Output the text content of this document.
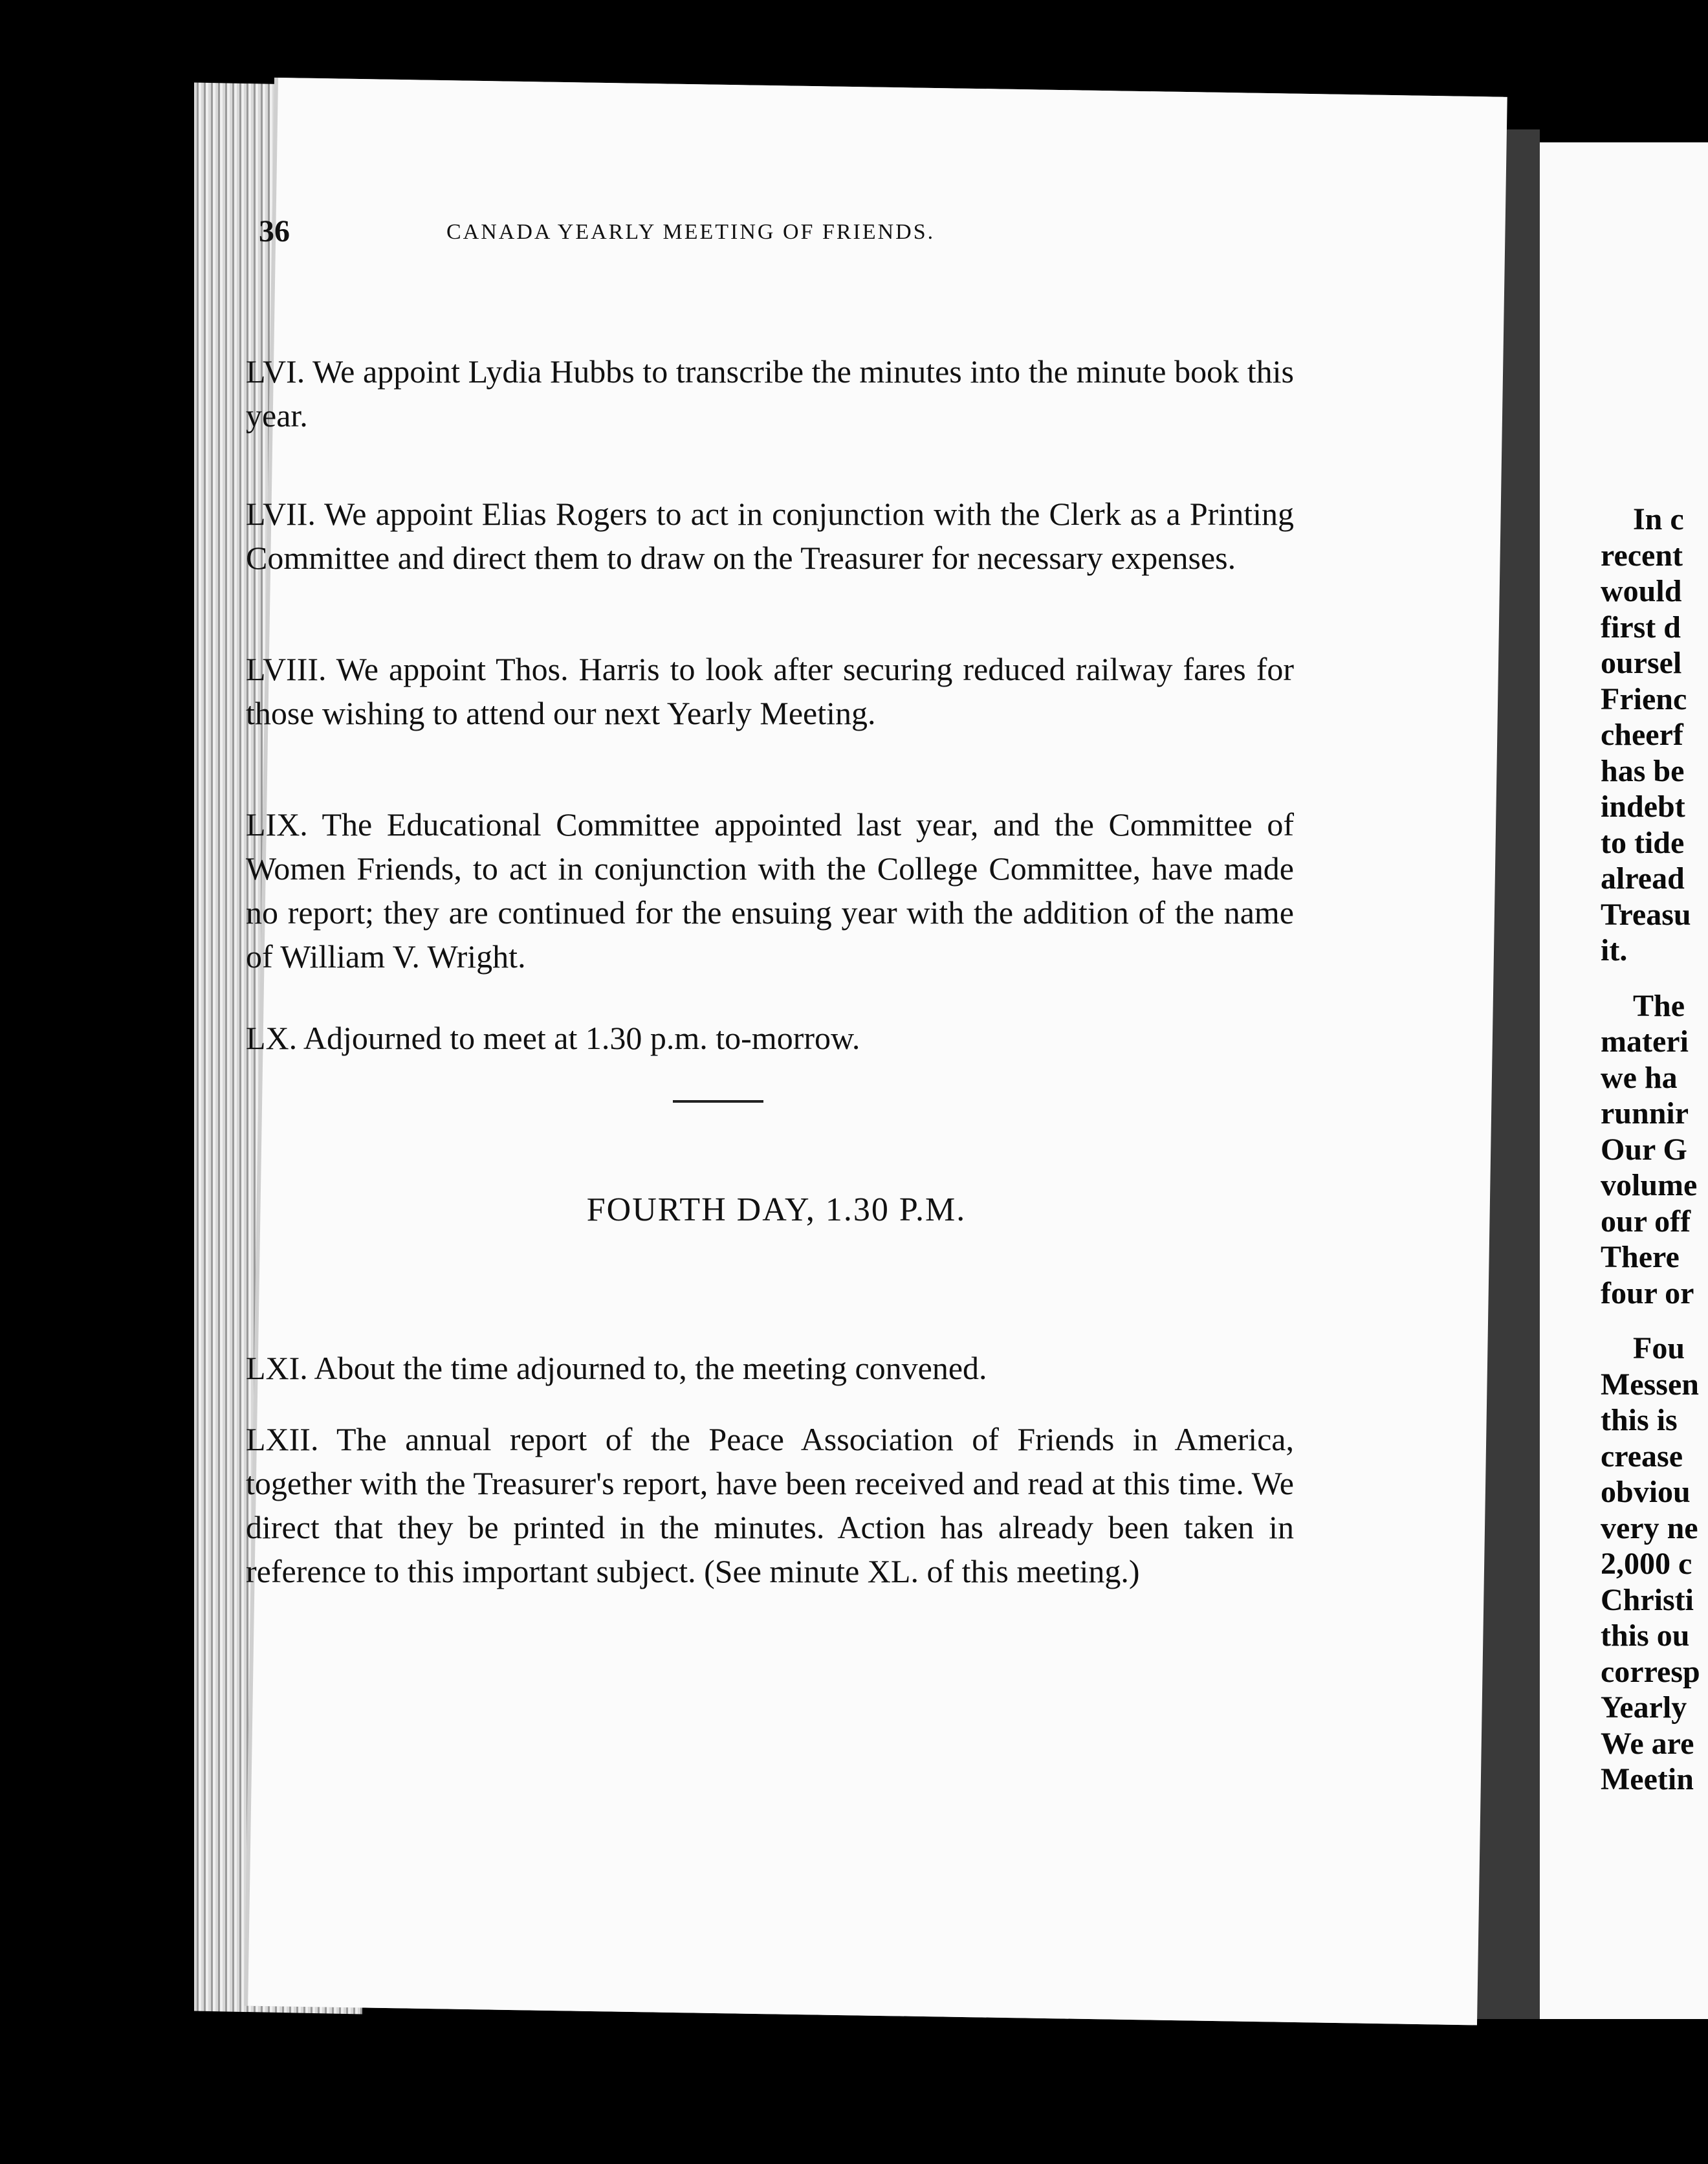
In c
recent
would
first d
oursel
Frienc
cheerf
has be
indebt
to tide
alread
Treasu
it.
The
materi
we ha
runnir
Our G
volume
our off
There
four or
Fou
Messen
this is
crease
obviou
very ne
2,000 c
Christi
this ou
corresp
Yearly
We are
Meetin
36	CANADA YEARLY MEETING OF FRIENDS.
LVI. We appoint Lydia Hubbs to transcribe the minutes into the minute book this year.
LVII. We appoint Elias Rogers to act in conjunction with the Clerk as a Printing Committee and direct them to draw on the Treasurer for necessary expenses.
LVIII. We appoint Thos. Harris to look after securing reduced railway fares for those wishing to attend our next Yearly Meeting.
LIX. The Educational Committee appointed last year, and the Committee of Women Friends, to act in conjunction with the College Committee, have made no report; they are continued for the ensuing year with the addition of the name of William V. Wright.
LX. Adjourned to meet at 1.30 p.m. to-morrow.
FOURTH DAY, 1.30 P.M.
LXI. About the time adjourned to, the meeting convened.
LXII. The annual report of the Peace Association of Friends in America, together with the Treasurer's report, have been received and read at this time. We direct that they be printed in the minutes. Action has already been taken in reference to this important subject. (See minute XL. of this meeting.)
